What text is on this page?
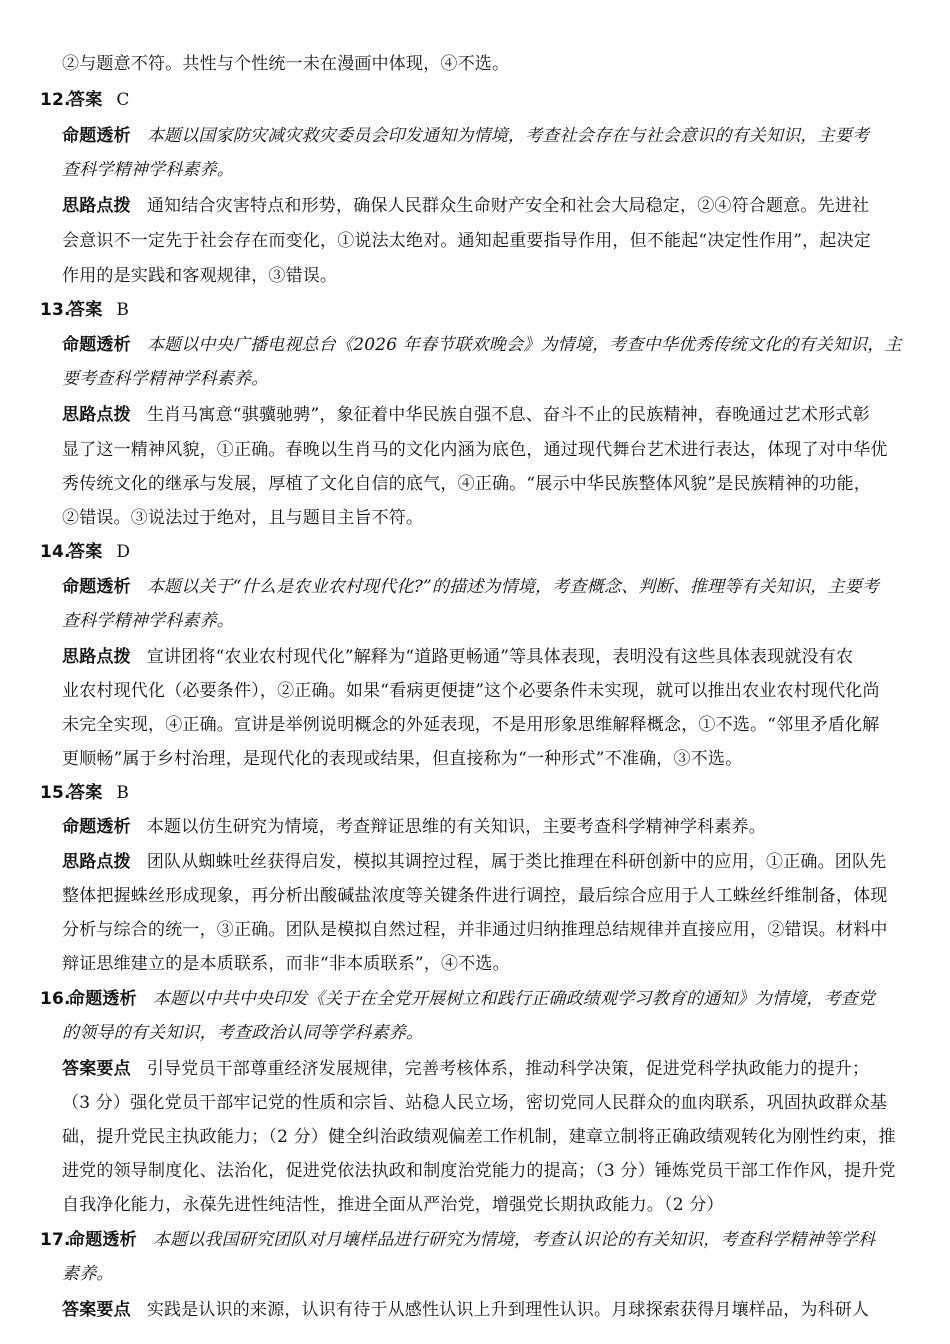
②与题意不符。共性与个性统一未在漫画中体现，④不选。
12.
答案 C
命题透析 本题以国家防灾减灾救灾委员会印发通知为情境，考查社会存在与社会意识的有关知识，主要考
查科学精神学科素养。
思路点拨 通知结合灾害特点和形势，确保人民群众生命财产安全和社会大局稳定，②④符合题意。先进社
会意识不一定先于社会存在而变化，①说法太绝对。通知起重要指导作用，但不能起“决定性作用”，起决定
作用的是实践和客观规律，③错误。
13.
答案 B
命题透析 本题以中央广播电视总台《2026 年春节联欢晚会》为情境，考查中华优秀传统文化的有关知识，主
要考查科学精神学科素养。
思路点拨 生肖马寓意“骐骥驰骋”，象征着中华民族自强不息、奋斗不止的民族精神，春晚通过艺术形式彰
显了这一精神风貌，①正确。春晚以生肖马的文化内涵为底色，通过现代舞台艺术进行表达，体现了对中华优
秀传统文化的继承与发展，厚植了文化自信的底气，④正确。“展示中华民族整体风貌”是民族精神的功能，
②错误。③说法过于绝对，且与题目主旨不符。
14.
答案 D
命题透析 本题以关于“什么是农业农村现代化?”的描述为情境，考查概念、判断、推理等有关知识，主要考
查科学精神学科素养。
思路点拨 宣讲团将“农业农村现代化”解释为“道路更畅通”等具体表现，表明没有这些具体表现就没有农
业农村现代化（必要条件），②正确。如果“看病更便捷”这个必要条件未实现，就可以推出农业农村现代化尚
未完全实现，④正确。宣讲是举例说明概念的外延表现，不是用形象思维解释概念，①不选。“邻里矛盾化解
更顺畅”属于乡村治理，是现代化的表现或结果，但直接称为“一种形式”不准确，③不选。
15.
答案 B
命题透析 本题以仿生研究为情境，考查辩证思维的有关知识，主要考查科学精神学科素养。
思路点拨 团队从蜘蛛吐丝获得启发，模拟其调控过程，属于类比推理在科研创新中的应用，①正确。团队先
整体把握蛛丝形成现象，再分析出酸碱盐浓度等关键条件进行调控，最后综合应用于人工蛛丝纤维制备，体现
分析与综合的统一，③正确。团队是模拟自然过程，并非通过归纳推理总结规律并直接应用，②错误。材料中
辩证思维建立的是本质联系，而非“非本质联系”，④不选。
16.
命题透析 本题以中共中央印发《关于在全党开展树立和践行正确政绩观学习教育的通知》为情境，考查党
的领导的有关知识，考查政治认同等学科素养。
答案要点 引导党员干部尊重经济发展规律，完善考核体系，推动科学决策，促进党科学执政能力的提升；
（3 分）强化党员干部牢记党的性质和宗旨、站稳人民立场，密切党同人民群众的血肉联系，巩固执政群众基
础，提升党民主执政能力；（2 分）健全纠治政绩观偏差工作机制，建章立制将正确政绩观转化为刚性约束，推
进党的领导制度化、法治化，促进党依法执政和制度治党能力的提高；（3 分）锤炼党员干部工作作风，提升党
自我净化能力，永葆先进性纯洁性，推进全面从严治党，增强党长期执政能力。（2 分）
17.
命题透析 本题以我国研究团队对月壤样品进行研究为情境，考查认识论的有关知识，考查科学精神等学科
素养。
答案要点 实践是认识的来源，认识有待于从感性认识上升到理性认识。月球探索获得月壤样品，为科研人
